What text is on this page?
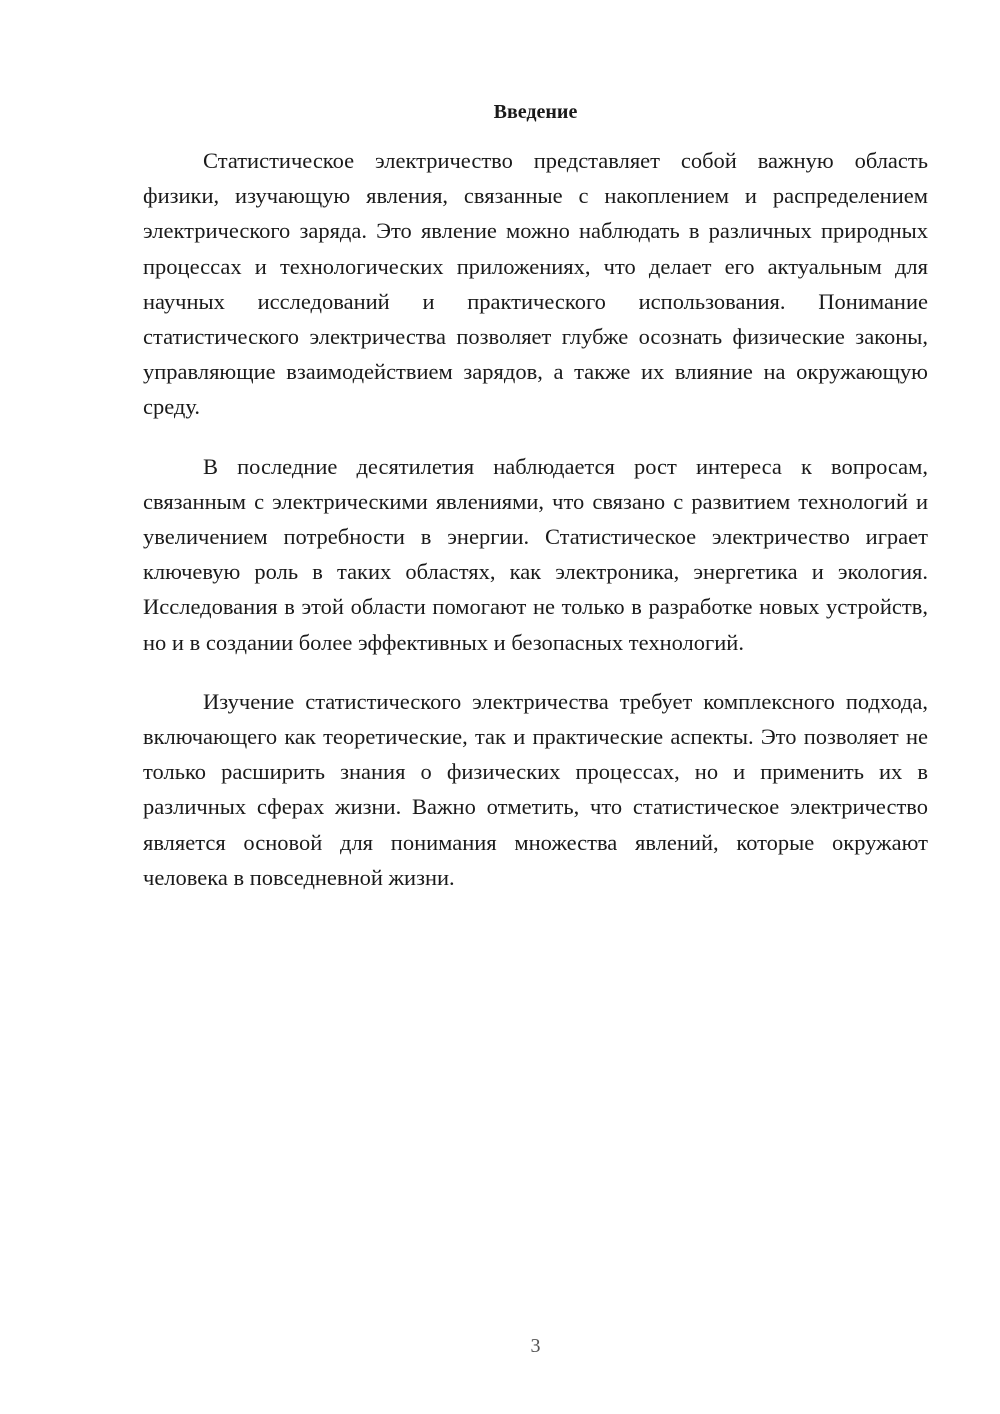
Введение

Статистическое электричество представляет собой важную область физики, изучающую явления, связанные с накоплением и распределением электрического заряда. Это явление можно наблюдать в различных природных процессах и технологических приложениях, что делает его актуальным для научных исследований и практического использования. Понимание статистического электричества позволяет глубже осознать физические законы, управляющие взаимодействием зарядов, а также их влияние на окружающую среду.

В последние десятилетия наблюдается рост интереса к вопросам, связанным с электрическими явлениями, что связано с развитием технологий и увеличением потребности в энергии. Статистическое электричество играет ключевую роль в таких областях, как электроника, энергетика и экология. Исследования в этой области помогают не только в разработке новых устройств, но и в создании более эффективных и безопасных технологий.

Изучение статистического электричества требует комплексного подхода, включающего как теоретические, так и практические аспекты. Это позволяет не только расширить знания о физических процессах, но и применить их в различных сферах жизни. Важно отметить, что статистическое электричество является основой для понимания множества явлений, которые окружают человека в повседневной жизни.

3
